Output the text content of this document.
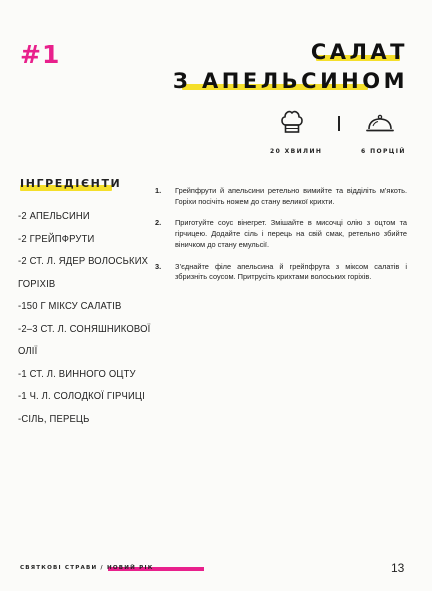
#1	САЛАТ
З АПЕЛЬСИНОМ
20 ХВИЛИН	6 ПОРЦІЙ
ІНГРЕДІЄНТИ
-2 АПЕЛЬСИНИ
-2 ГРЕЙПФРУТИ
-2 СТ. Л. ЯДЕР ВОЛОСЬКИХ
ГОРІХІВ
-150 Г МІКСУ САЛАТІВ
-2–3 СТ. Л. СОНЯШНИКОВОЇ
ОЛІЇ
-1 СТ. Л. ВИННОГО ОЦТУ
-1 Ч. Л. СОЛОДКОЇ ГІРЧИЦІ
-СІЛЬ, ПЕРЕЦЬ
1. Грейпфрути й апельсини ретельно вимийте та відділіть м’якоть. Горіхи посічіть ножем до стану великої крихти.
2. Приготуйте соус вінегрет. Змішайте в мисочці олію з оцтом та гірчицею. Додайте сіль і перець на свій смак, ретельно збийте віничком до стану емульсії.
3. З’єднайте філе апельсина й грейпфрута з міксом салатів і збризніть соусом. Притрусіть крихтами волоських горіхів.
СВЯТКОВІ СТРАВИ / НОВИЙ РІК	13
